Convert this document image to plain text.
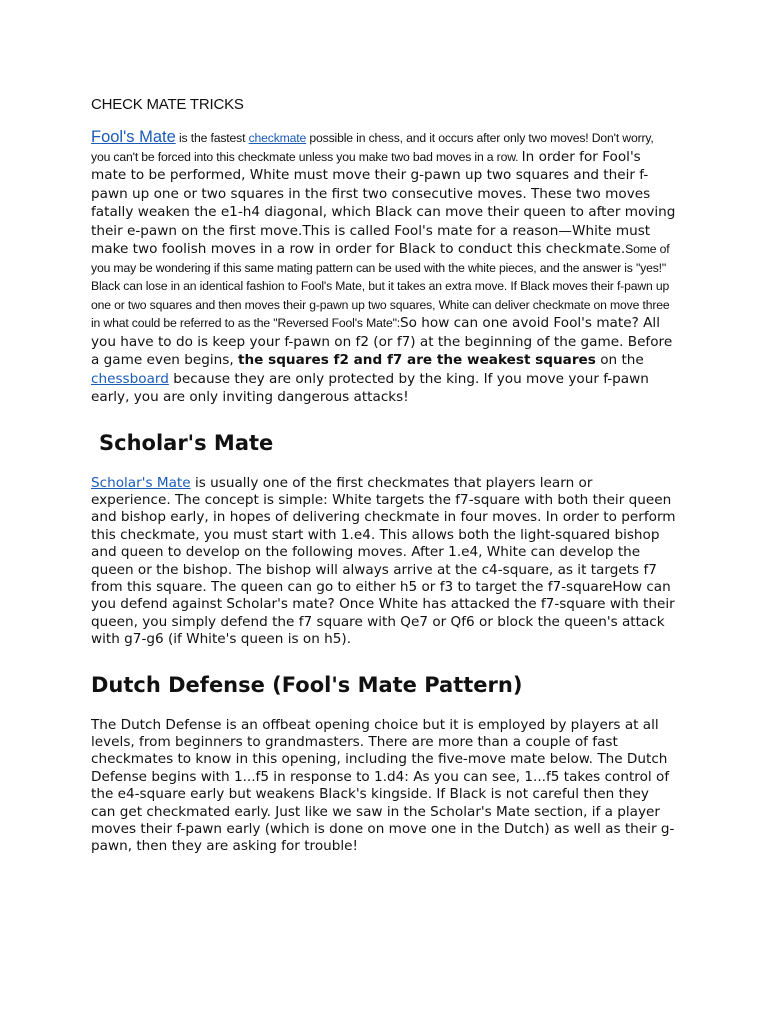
CHECK MATE TRICKS

Fool's Mate is the fastest checkmate possible in chess, and it occurs after only two moves! Don't worry, you can't be forced into this checkmate unless you make two bad moves in a row. In order for Fool's mate to be performed, White must move their g-pawn up two squares and their f-pawn up one or two squares in the first two consecutive moves. These two moves fatally weaken the e1-h4 diagonal, which Black can move their queen to after moving their e-pawn on the first move.This is called Fool's mate for a reason—White must make two foolish moves in a row in order for Black to conduct this checkmate.Some of you may be wondering if this same mating pattern can be used with the white pieces, and the answer is "yes!" Black can lose in an identical fashion to Fool's Mate, but it takes an extra move. If Black moves their f-pawn up one or two squares and then moves their g-pawn up two squares, White can deliver checkmate on move three in what could be referred to as the "Reversed Fool's Mate":So how can one avoid Fool's mate? All you have to do is keep your f-pawn on f2 (or f7) at the beginning of the game. Before a game even begins, the squares f2 and f7 are the weakest squares on the chessboard because they are only protected by the king. If you move your f-pawn early, you are only inviting dangerous attacks!

Scholar's Mate

Scholar's Mate is usually one of the first checkmates that players learn or experience. The concept is simple: White targets the f7-square with both their queen and bishop early, in hopes of delivering checkmate in four moves. In order to perform this checkmate, you must start with 1.e4. This allows both the light-squared bishop and queen to develop on the following moves. After 1.e4, White can develop the queen or the bishop. The bishop will always arrive at the c4-square, as it targets f7 from this square. The queen can go to either h5 or f3 to target the f7-squareHow can you defend against Scholar's mate? Once White has attacked the f7-square with their queen, you simply defend the f7 square with Qe7 or Qf6 or block the queen's attack with g7-g6 (if White's queen is on h5).

Dutch Defense (Fool's Mate Pattern)

The Dutch Defense is an offbeat opening choice but it is employed by players at all levels, from beginners to grandmasters. There are more than a couple of fast checkmates to know in this opening, including the five-move mate below. The Dutch Defense begins with 1...f5 in response to 1.d4: As you can see, 1...f5 takes control of the e4-square early but weakens Black's kingside. If Black is not careful then they can get checkmated early. Just like we saw in the Scholar's Mate section, if a player moves their f-pawn early (which is done on move one in the Dutch) as well as their g-pawn, then they are asking for trouble!
